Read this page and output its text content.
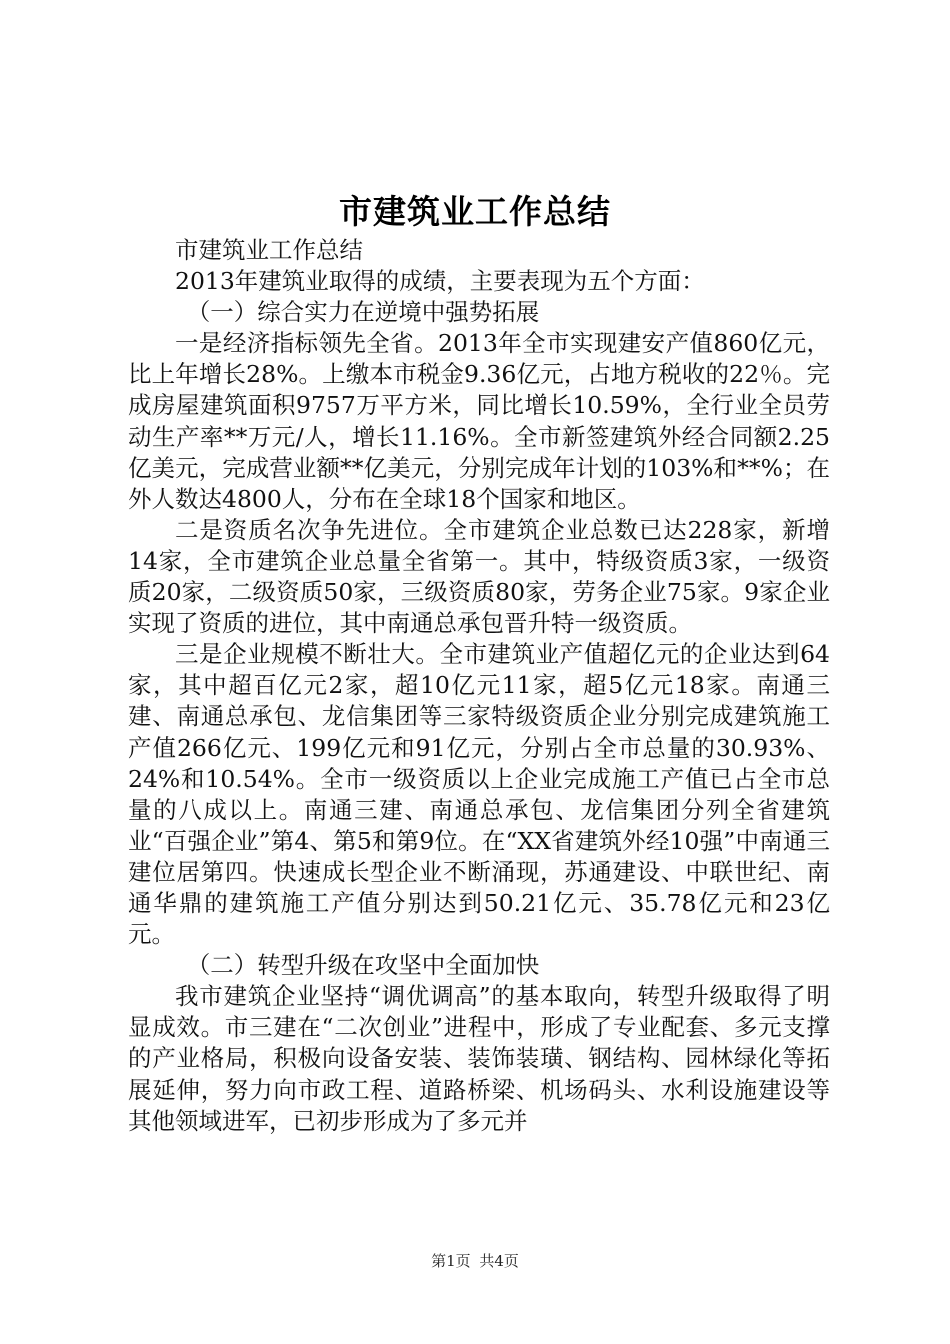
市建筑业工作总结

市建筑业工作总结

2013年建筑业取得的成绩，主要表现为五个方面：

（一）综合实力在逆境中强势拓展

一是经济指标领先全省。2013年全市实现建安产值860亿元，比上年增长28%。上缴本市税金9.36亿元，占地方税收的22％。完成房屋建筑面积9757万平方米，同比增长10.59%，全行业全员劳动生产率**万元/人，增长11.16%。全市新签建筑外经合同额2.25亿美元，完成营业额**亿美元，分别完成年计划的103%和**%；在外人数达4800人，分布在全球18个国家和地区。

二是资质名次争先进位。全市建筑企业总数已达228家，新增14家，全市建筑企业总量全省第一。其中，特级资质3家，一级资质20家，二级资质50家，三级资质80家，劳务企业75家。9家企业实现了资质的进位，其中南通总承包晋升特一级资质。

三是企业规模不断壮大。全市建筑业产值超亿元的企业达到64家，其中超百亿元2家，超10亿元11家，超5亿元18家。南通三建、南通总承包、龙信集团等三家特级资质企业分别完成建筑施工产值266亿元、199亿元和91亿元，分别占全市总量的30.93%、24%和10.54%。全市一级资质以上企业完成施工产值已占全市总量的八成以上。南通三建、南通总承包、龙信集团分列全省建筑业“百强企业”第4、第5和第9位。在“XX省建筑外经10强”中南通三建位居第四。快速成长型企业不断涌现，苏通建设、中联世纪、南通华鼎的建筑施工产值分别达到50.21亿元、35.78亿元和23亿元。

（二）转型升级在攻坚中全面加快

我市建筑企业坚持“调优调高”的基本取向，转型升级取得了明显成效。市三建在“二次创业”进程中，形成了专业配套、多元支撑的产业格局，积极向设备安装、装饰装璜、钢结构、园林绿化等拓展延伸，努力向市政工程、道路桥梁、机场码头、水利设施建设等其他领域进军，已初步形成为了多元并

第1页 共4页
